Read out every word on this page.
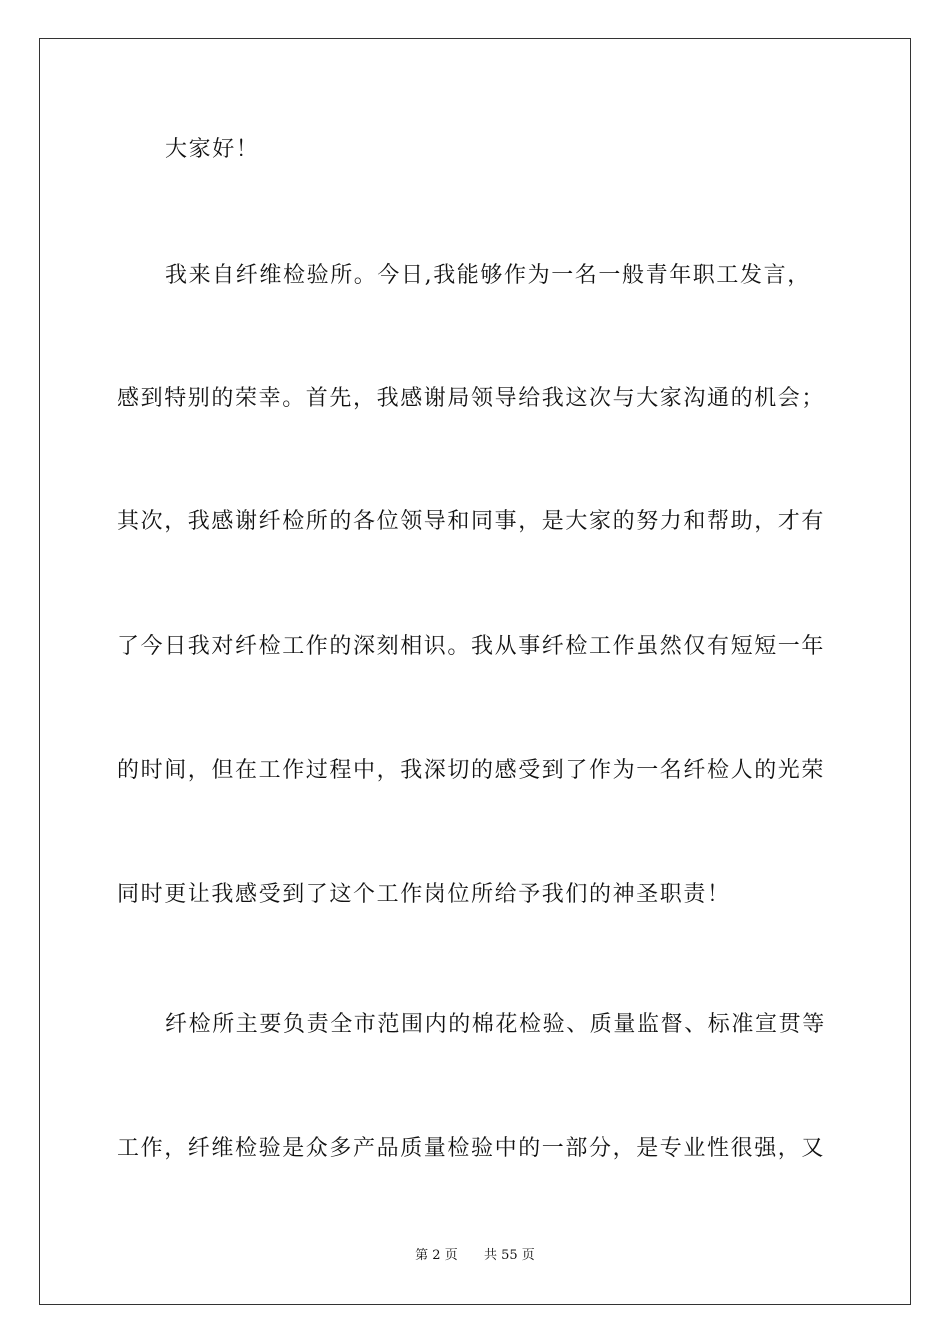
大家好！
我来自纤维检验所。今日,我能够作为一名一般青年职工发言，
感到特别的荣幸。首先，我感谢局领导给我这次与大家沟通的机会；
其次，我感谢纤检所的各位领导和同事，是大家的努力和帮助，才有
了今日我对纤检工作的深刻相识。我从事纤检工作虽然仅有短短一年
的时间，但在工作过程中，我深切的感受到了作为一名纤检人的光荣
同时更让我感受到了这个工作岗位所给予我们的神圣职责！
纤检所主要负责全市范围内的棉花检验、质量监督、标准宣贯等
工作，纤维检验是众多产品质量检验中的一部分，是专业性很强，又
第 2 页 共 55 页
